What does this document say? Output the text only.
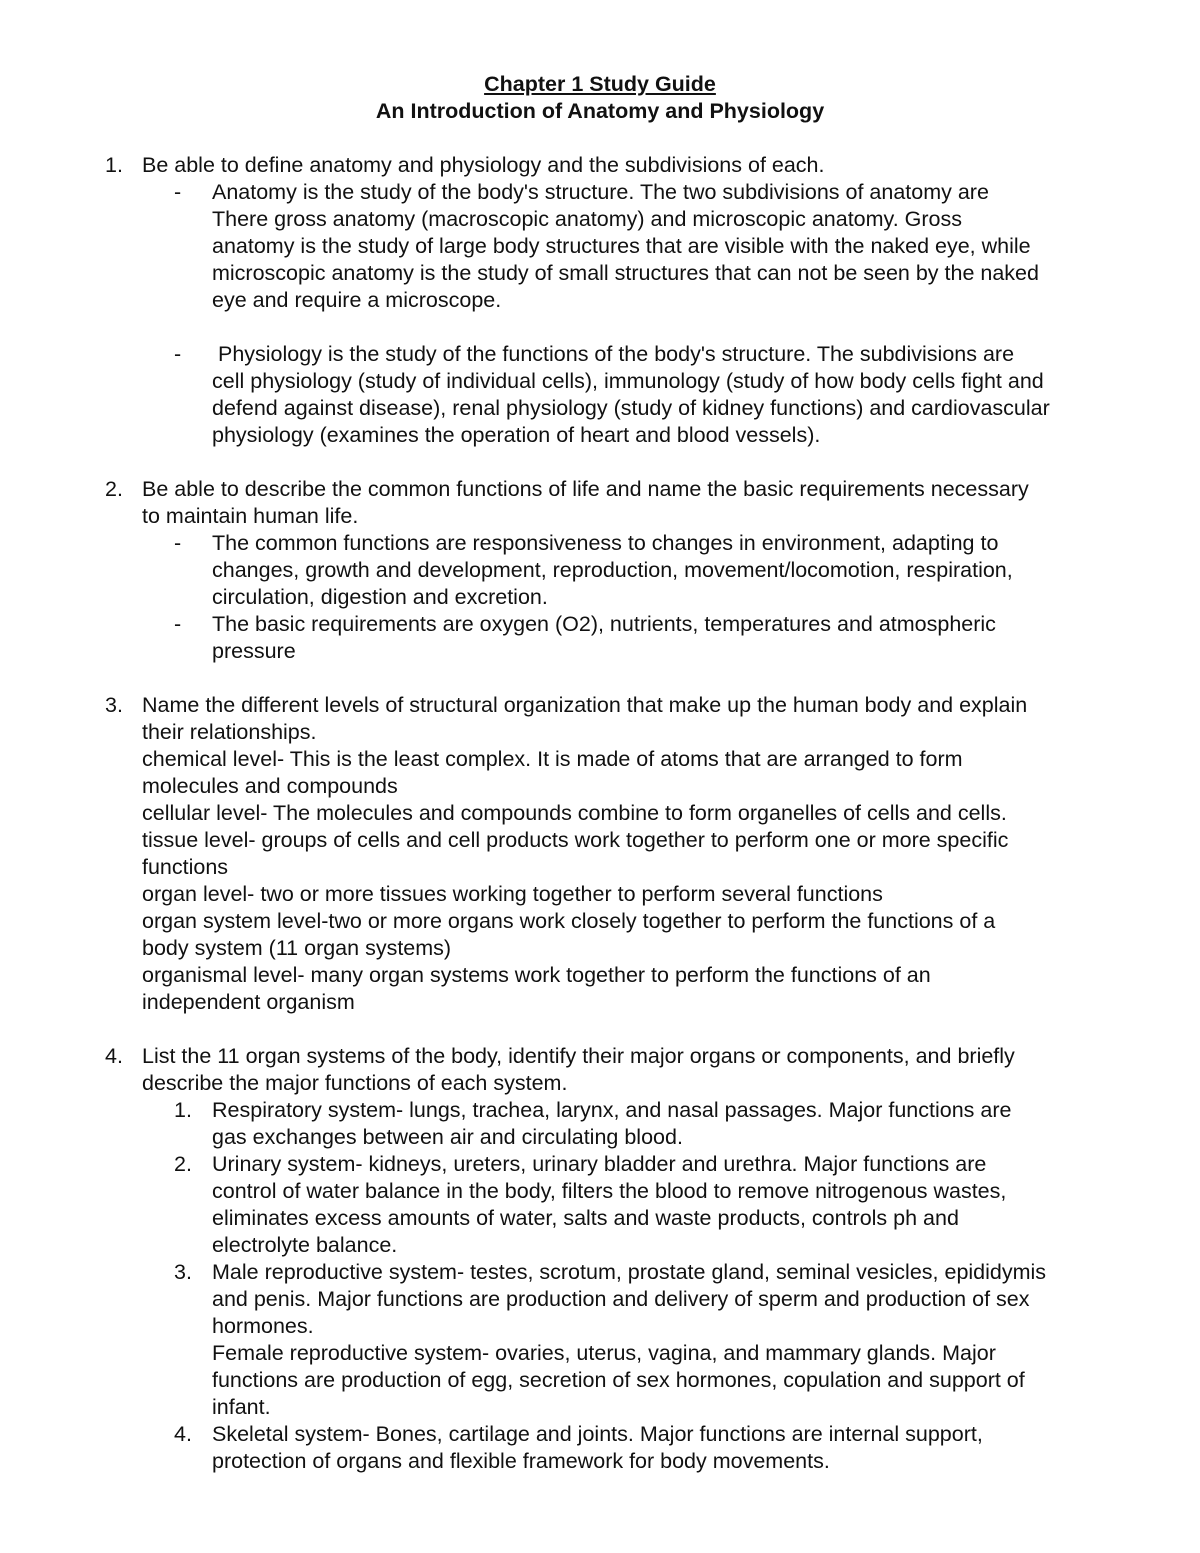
Chapter 1 Study Guide
An Introduction of Anatomy and Physiology
1. Be able to define anatomy and physiology and the subdivisions of each.
- Anatomy is the study of the body's structure. The two subdivisions of anatomy are
There gross anatomy (macroscopic anatomy) and microscopic anatomy. Gross
anatomy is the study of large body structures that are visible with the naked eye, while
microscopic anatomy is the study of small structures that can not be seen by the naked
eye and require a microscope.
- Physiology is the study of the functions of the body's structure. The subdivisions are
cell physiology (study of individual cells), immunology (study of how body cells fight and
defend against disease), renal physiology (study of kidney functions) and cardiovascular
physiology (examines the operation of heart and blood vessels).
2. Be able to describe the common functions of life and name the basic requirements necessary
to maintain human life.
- The common functions are responsiveness to changes in environment, adapting to
changes, growth and development, reproduction, movement/locomotion, respiration,
circulation, digestion and excretion.
- The basic requirements are oxygen (O2), nutrients, temperatures and atmospheric
pressure
3. Name the different levels of structural organization that make up the human body and explain
their relationships.
chemical level- This is the least complex. It is made of atoms that are arranged to form
molecules and compounds
cellular level- The molecules and compounds combine to form organelles of cells and cells.
tissue level- groups of cells and cell products work together to perform one or more specific
functions
organ level- two or more tissues working together to perform several functions
organ system level-two or more organs work closely together to perform the functions of a
body system (11 organ systems)
organismal level- many organ systems work together to perform the functions of an
independent organism
4. List the 11 organ systems of the body, identify their major organs or components, and briefly
describe the major functions of each system.
1. Respiratory system- lungs, trachea, larynx, and nasal passages. Major functions are
gas exchanges between air and circulating blood.
2. Urinary system- kidneys, ureters, urinary bladder and urethra. Major functions are
control of water balance in the body, filters the blood to remove nitrogenous wastes,
eliminates excess amounts of water, salts and waste products, controls ph and
electrolyte balance.
3. Male reproductive system- testes, scrotum, prostate gland, seminal vesicles, epididymis
and penis. Major functions are production and delivery of sperm and production of sex
hormones.
Female reproductive system- ovaries, uterus, vagina, and mammary glands. Major
functions are production of egg, secretion of sex hormones, copulation and support of
infant.
4. Skeletal system- Bones, cartilage and joints. Major functions are internal support,
protection of organs and flexible framework for body movements.
